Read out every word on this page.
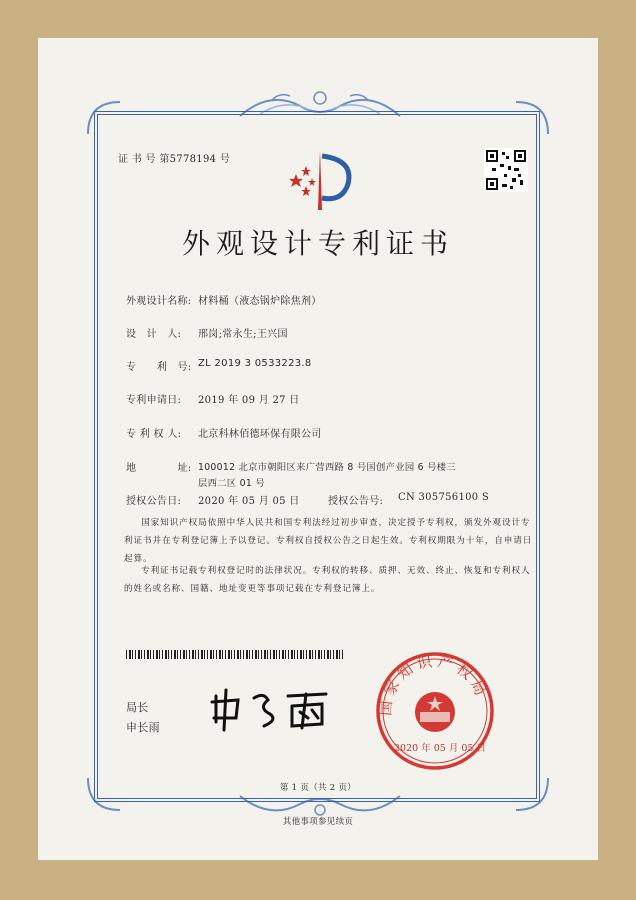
证 书 号 第5778194 号
外观设计专利证书
外观设计名称: 材料桶（液态锅炉除焦剂）
设　计　人: 邢岗;常永生;王兴国
专　　利　号: ZL 2019 3 0533223.8
专利申请日: 2019 年 09 月 27 日
专 利 权 人: 北京科林佰德环保有限公司
地　　　　址: 100012 北京市朝阳区来广营西路 8 号国创产业园 6 号楼三
层西二区 01 号
授权公告日: 2020 年 05 月 05 日	授权公告号: CN 305756100 S
国家知识产权局依照中华人民共和国专利法经过初步审查，决定授予专利权，颁发外观设计专利证书并在专利登记簿上予以登记。专利权自授权公告之日起生效。专利权期限为十年，自申请日起算。
专利证书记载专利权登记时的法律状况。专利权的转移、质押、无效、终止、恢复和专利权人的姓名或名称、国籍、地址变更等事项记载在专利登记簿上。
局长
申长雨
国家知识产权局
2020 年 05 月 05 日
第 1 页（共 2 页）
其他事项参见续页
